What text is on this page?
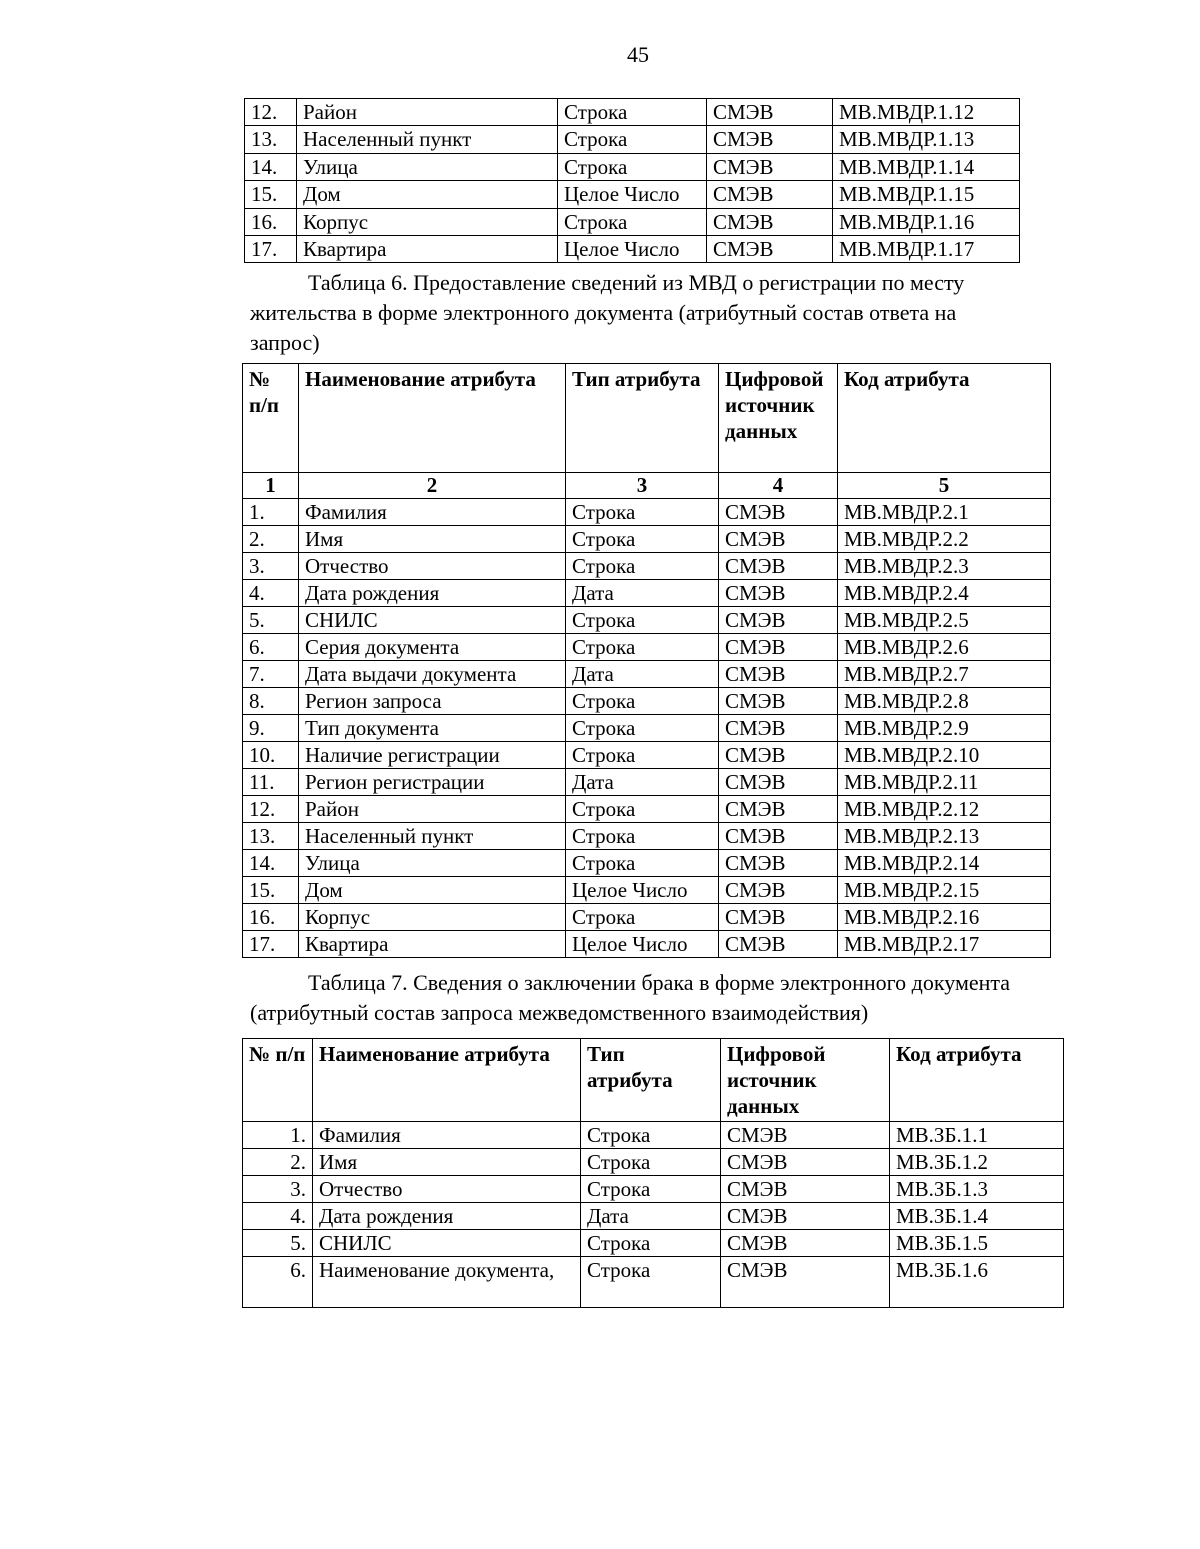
45
12.	Район	Строка	СМЭВ	МВ.МВДР.1.12
13.	Населенный пункт	Строка	СМЭВ	МВ.МВДР.1.13
14.	Улица	Строка	СМЭВ	МВ.МВДР.1.14
15.	Дом	Целое Число	СМЭВ	МВ.МВДР.1.15
16.	Корпус	Строка	СМЭВ	МВ.МВДР.1.16
17.	Квартира	Целое Число	СМЭВ	МВ.МВДР.1.17
Таблица 6. Предоставление сведений из МВД о регистрации по месту жительства в форме электронного документа (атрибутный состав ответа на запрос)
№ п/п	Наименование атрибута	Тип атрибута	Цифровой источник данных	Код атрибута
1	2	3	4	5
1.	Фамилия	Строка	СМЭВ	МВ.МВДР.2.1
2.	Имя	Строка	СМЭВ	МВ.МВДР.2.2
3.	Отчество	Строка	СМЭВ	МВ.МВДР.2.3
4.	Дата рождения	Дата	СМЭВ	МВ.МВДР.2.4
5.	СНИЛС	Строка	СМЭВ	МВ.МВДР.2.5
6.	Серия документа	Строка	СМЭВ	МВ.МВДР.2.6
7.	Дата выдачи документа	Дата	СМЭВ	МВ.МВДР.2.7
8.	Регион запроса	Строка	СМЭВ	МВ.МВДР.2.8
9.	Тип документа	Строка	СМЭВ	МВ.МВДР.2.9
10.	Наличие регистрации	Строка	СМЭВ	МВ.МВДР.2.10
11.	Регион регистрации	Дата	СМЭВ	МВ.МВДР.2.11
12.	Район	Строка	СМЭВ	МВ.МВДР.2.12
13.	Населенный пункт	Строка	СМЭВ	МВ.МВДР.2.13
14.	Улица	Строка	СМЭВ	МВ.МВДР.2.14
15.	Дом	Целое Число	СМЭВ	МВ.МВДР.2.15
16.	Корпус	Строка	СМЭВ	МВ.МВДР.2.16
17.	Квартира	Целое Число	СМЭВ	МВ.МВДР.2.17
Таблица 7. Сведения о заключении брака в форме электронного документа (атрибутный состав запроса межведомственного взаимодействия)
№ п/п	Наименование атрибута	Тип атрибута	Цифровой источник данных	Код атрибута
1.	Фамилия	Строка	СМЭВ	МВ.ЗБ.1.1
2.	Имя	Строка	СМЭВ	МВ.ЗБ.1.2
3.	Отчество	Строка	СМЭВ	МВ.ЗБ.1.3
4.	Дата рождения	Дата	СМЭВ	МВ.ЗБ.1.4
5.	СНИЛС	Строка	СМЭВ	МВ.ЗБ.1.5
6.	Наименование документа,	Строка	СМЭВ	МВ.ЗБ.1.6
